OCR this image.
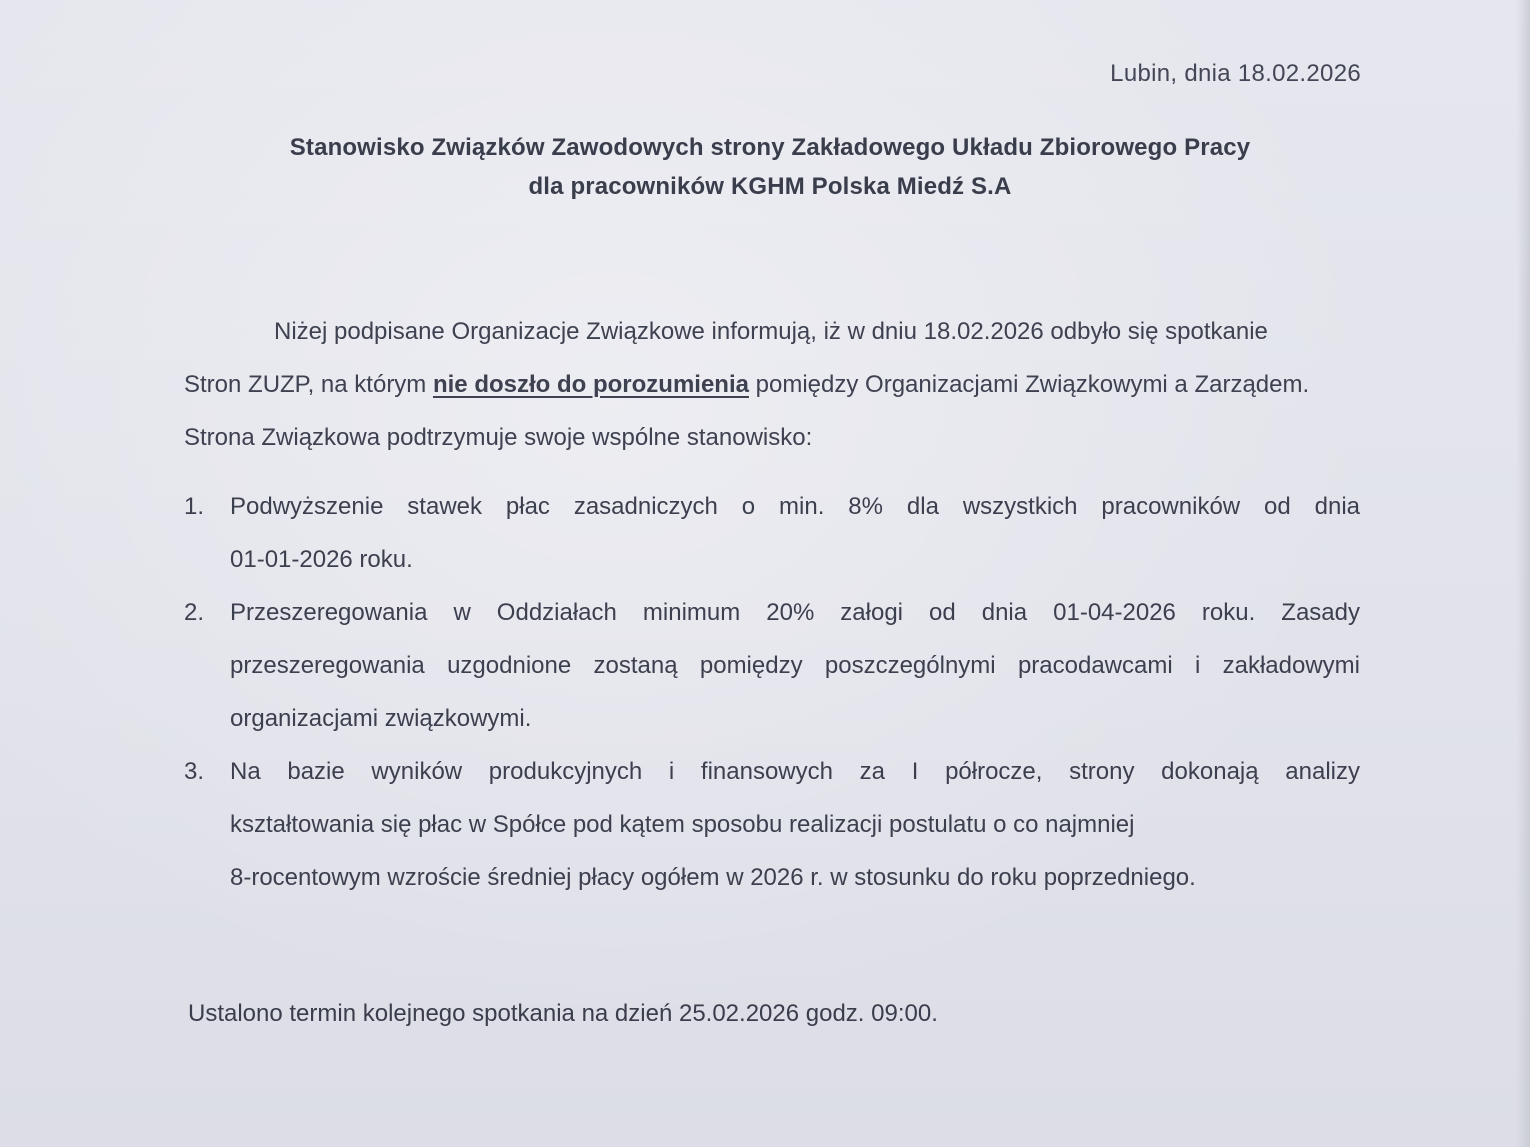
Lubin, dnia 18.02.2026
Stanowisko Związków Zawodowych strony Zakładowego Układu Zbiorowego Pracy
dla pracowników KGHM Polska Miedź S.A
Niżej podpisane Organizacje Związkowe informują, iż w dniu 18.02.2026 odbyło się spotkanie
Stron ZUZP, na którym nie doszło do porozumienia pomiędzy Organizacjami Związkowymi a Zarządem.
Strona Związkowa podtrzymuje swoje wspólne stanowisko:
1. Podwyższenie stawek płac zasadniczych o min. 8% dla wszystkich pracowników od dnia
01-01-2026 roku.
2. Przeszeregowania w Oddziałach minimum 20% załogi od dnia 01-04-2026 roku. Zasady
przeszeregowania uzgodnione zostaną pomiędzy poszczególnymi pracodawcami i zakładowymi
organizacjami związkowymi.
3. Na bazie wyników produkcyjnych i finansowych za I półrocze, strony dokonają analizy
kształtowania się płac w Spółce pod kątem sposobu realizacji postulatu o co najmniej
8-rocentowym wzroście średniej płacy ogółem w 2026 r. w stosunku do roku poprzedniego.
Ustalono termin kolejnego spotkania na dzień 25.02.2026 godz. 09:00.
